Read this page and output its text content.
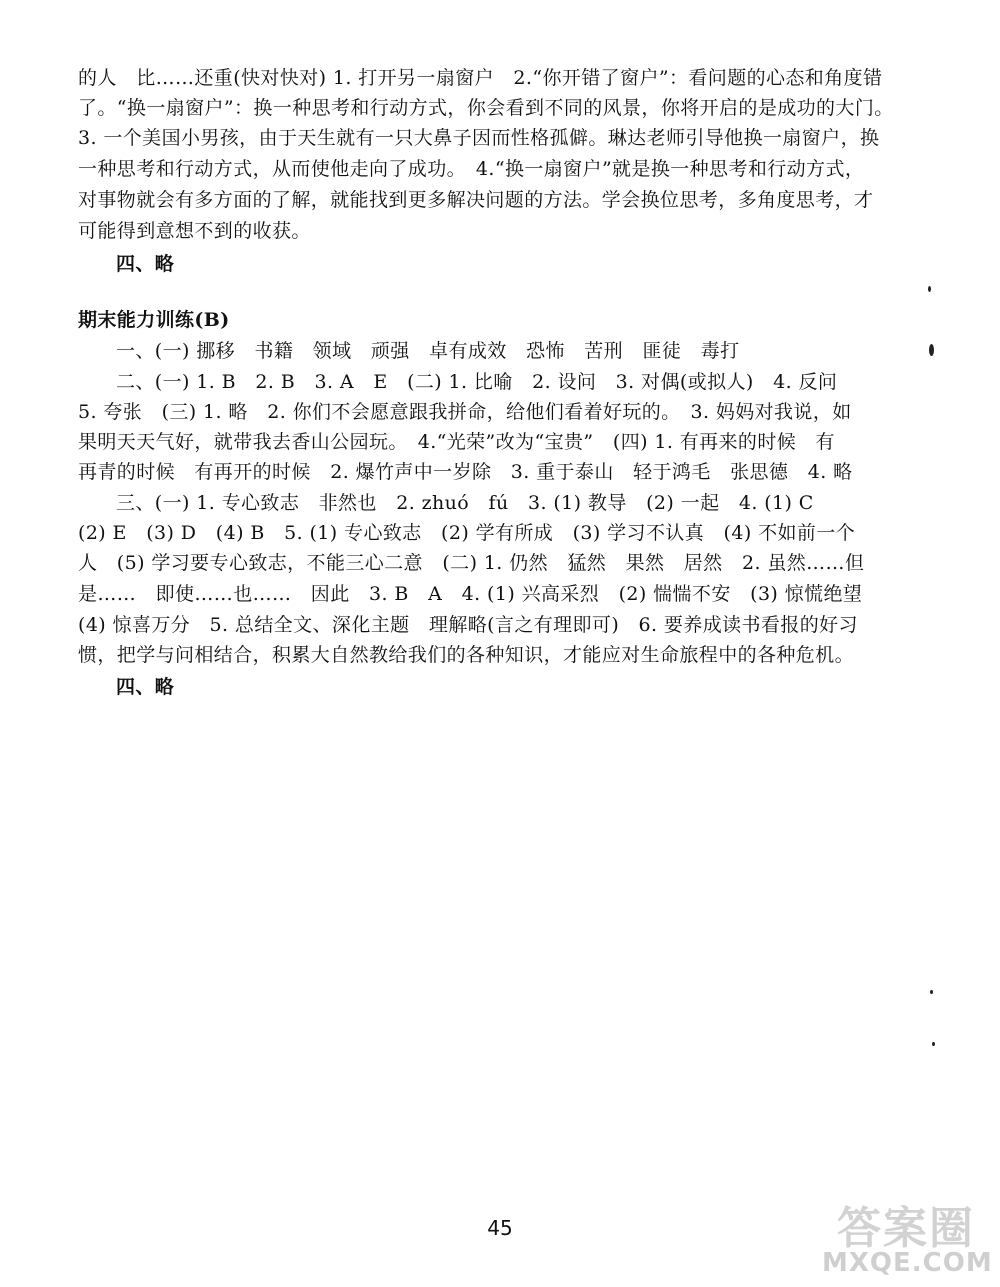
的人　比……还重(快对快对) 1. 打开另一扇窗户　2.“你开错了窗户”：看问题的心态和角度错
了。“换一扇窗户”：换一种思考和行动方式，你会看到不同的风景，你将开启的是成功的大门。
3. 一个美国小男孩，由于天生就有一只大鼻子因而性格孤僻。琳达老师引导他换一扇窗户，换
一种思考和行动方式，从而使他走向了成功。　4.“换一扇窗户”就是换一种思考和行动方式，
对事物就会有多方面的了解，就能找到更多解决问题的方法。学会换位思考，多角度思考，才
可能得到意想不到的收获。
四、略
期末能力训练(B)
一、(一) 挪移　书籍　领域　顽强　卓有成效　恐怖　苦刑　匪徒　毒打
二、(一) 1. B　2. B　3. A　E　(二) 1. 比喻　2. 设问　3. 对偶(或拟人)　4. 反问
5. 夸张　(三) 1. 略　2. 你们不会愿意跟我拼命，给他们看着好玩的。　3. 妈妈对我说，如
果明天天气好，就带我去香山公园玩。　4.“光荣”改为“宝贵”　(四) 1. 有再来的时候　有
再青的时候　有再开的时候　2. 爆竹声中一岁除　3. 重于泰山　轻于鸿毛　张思德　4. 略
三、(一) 1. 专心致志　非然也　2. zhuó　fú　3. (1) 教导　(2) 一起　4. (1) C
(2) E　(3) D　(4) B　5. (1) 专心致志　(2) 学有所成　(3) 学习不认真　(4) 不如前一个
人　(5) 学习要专心致志，不能三心二意　(二) 1. 仍然　猛然　果然　居然　2. 虽然……但
是……　即使……也……　因此　3. B　A　4. (1) 兴高采烈　(2) 惴惴不安　(3) 惊慌绝望
(4) 惊喜万分　5. 总结全文、深化主题　理解略(言之有理即可)　6. 要养成读书看报的好习
惯，把学与问相结合，积累大自然教给我们的各种知识，才能应对生命旅程中的各种危机。
四、略
45	答案圈
MXQE.COM
